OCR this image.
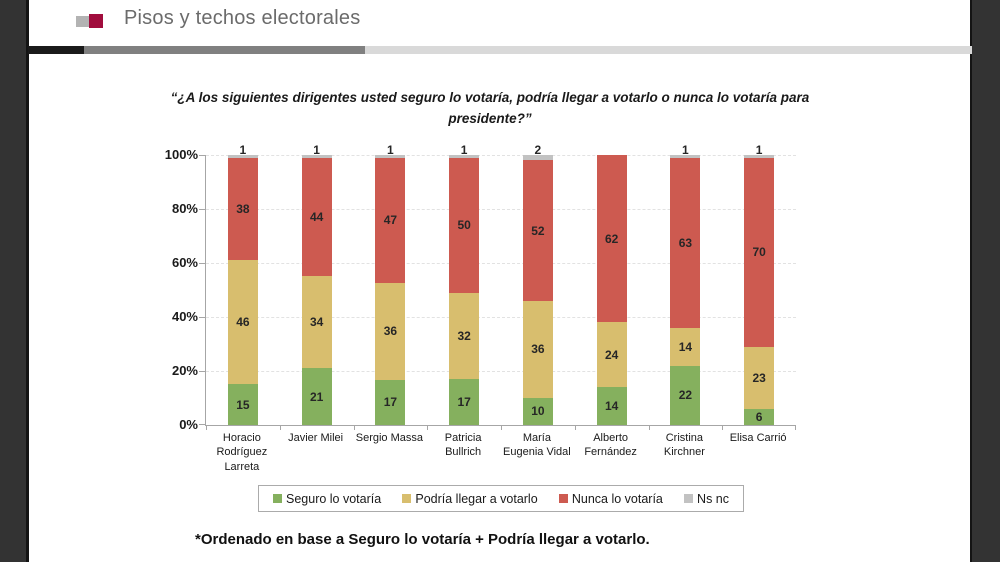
Pisos y techos electorales
“¿A los siguientes dirigentes usted seguro lo votaría, podría llegar a votarlo o nunca lo votaría para presidente?”
0%
20%
40%
60%
80%
100%
38
46
15
1
44
34
21
1
47
36
17
1
50
32
17
1
52
36
10
2
62
24
14
63
14
22
1
70
23
6
1
Horacio Rodríguez Larreta
Javier Milei	Sergio Massa	Patricia Bullrich
María Eugenia Vidal
Alberto Fernández
Cristina Kirchner
Elisa Carrió
Seguro lo votaría	Podría llegar a votarlo	Nunca lo votaría	Ns nc
*Ordenado en base a Seguro lo votaría + Podría llegar a votarlo.
